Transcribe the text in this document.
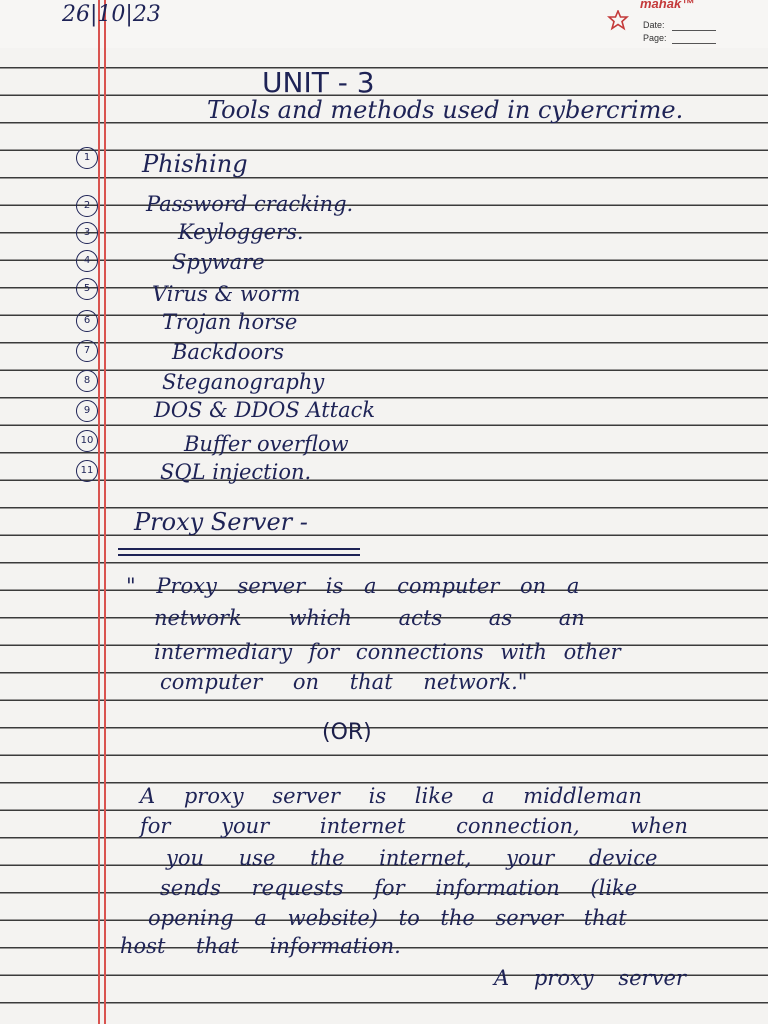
26|10|23	mahak™
Date:
Page:
UNIT - 3
Tools and methods used in cybercrime.
1	Phishing
2	Password cracking.
3	Keyloggers.
4	Spyware
5	Virus & worm
6	Trojan horse
7	Backdoors
8	Steganography
9	DOS & DDOS Attack
10	Buffer overflow
11	SQL injection.
Proxy Server -
" Proxy server is a computer on a
network which acts as an
intermediary for connections with other
computer on that network."
(OR)
A proxy server is like a middleman
for your internet connection, when
you use the internet, your device
sends requests for information (like
opening a website) to the server that
host that information.
A proxy server
